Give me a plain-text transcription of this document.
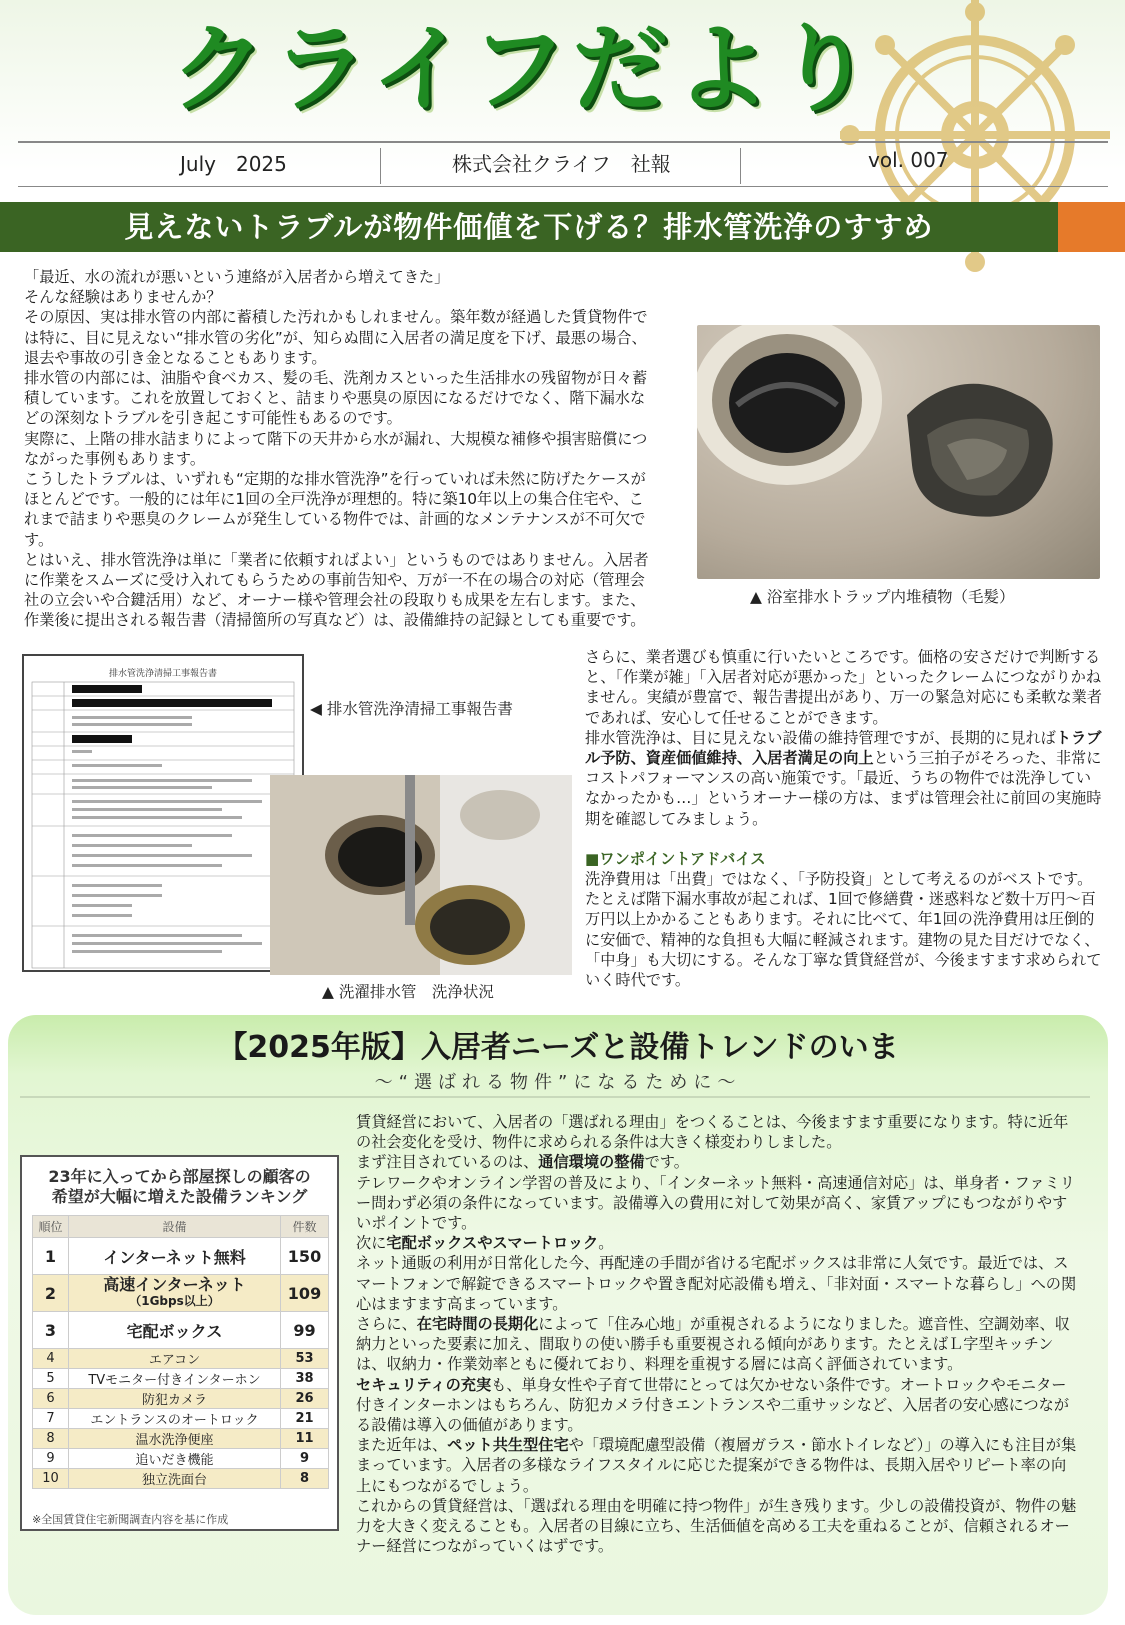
クライフだより
July　2025	株式会社クライフ　社報	vol. 007
見えないトラブルが物件価値を下げる？排水管洗浄のすすめ

「最近、水の流れが悪いという連絡が入居者から増えてきた」

そんな経験はありませんか？

その原因、実は排水管の内部に蓄積した汚れかもしれません。築年数が経過した賃貸物件では特に、目に見えない“排水管の劣化”が、知らぬ間に入居者の満足度を下げ、最悪の場合、退去や事故の引き金となることもあります。

排水管の内部には、油脂や食べカス、髪の毛、洗剤カスといった生活排水の残留物が日々蓄積しています。これを放置しておくと、詰まりや悪臭の原因になるだけでなく、階下漏水などの深刻なトラブルを引き起こす可能性もあるのです。

実際に、上階の排水詰まりによって階下の天井から水が漏れ、大規模な補修や損害賠償につながった事例もあります。

こうしたトラブルは、いずれも“定期的な排水管洗浄”を行っていれば未然に防げたケースがほとんどです。一般的には年に1回の全戸洗浄が理想的。特に築10年以上の集合住宅や、これまで詰まりや悪臭のクレームが発生している物件では、計画的なメンテナンスが不可欠です。

とはいえ、排水管洗浄は単に「業者に依頼すればよい」というものではありません。入居者に作業をスムーズに受け入れてもらうための事前告知や、万が一不在の場合の対応（管理会社の立会いや合鍵活用）など、オーナー様や管理会社の段取りも成果を左右します。また、作業後に提出される報告書（清掃箇所の写真など）は、設備維持の記録としても重要です。

▲ 浴室排水トラップ内堆積物（毛髪）
排水管洗浄清掃工事報告書
◀ 排水管洗浄清掃工事報告書
▲ 洗濯排水管　洗浄状況

さらに、業者選びも慎重に行いたいところです。価格の安さだけで判断すると、「作業が雑」「入居者対応が悪かった」といったクレームにつながりかねません。実績が豊富で、報告書提出があり、万一の緊急対応にも柔軟な業者であれば、安心して任せることができます。

排水管洗浄は、目に見えない設備の維持管理ですが、長期的に見ればトラブル予防、資産価値維持、入居者満足の向上という三拍子がそろった、非常にコストパフォーマンスの高い施策です。「最近、うちの物件では洗浄していなかったかも…」というオーナー様の方は、まずは管理会社に前回の実施時期を確認してみましょう。

■ワンポイントアドバイス

洗浄費用は「出費」ではなく、「予防投資」として考えるのがベストです。たとえば階下漏水事故が起これば、1回で修繕費・迷惑料など数十万円〜百万円以上かかることもあります。それに比べて、年1回の洗浄費用は圧倒的に安価で、精神的な負担も大幅に軽減されます。建物の見た目だけでなく、「中身」も大切にする。そんな丁寧な賃貸経営が、今後ますます求められていく時代です。

【2025年版】入居者ニーズと設備トレンドのいま
～“選ばれる物件”になるために～
23年に入ってから部屋探しの顧客の
希望が大幅に増えた設備ランキング
順位	設備	件数
1	インターネット無料	150
2	高速インターネット
（1Gbps以上）	109
3	宅配ボックス	99
4	エアコン	53
5	TVモニター付きインターホン	38
6	防犯カメラ	26
7	エントランスのオートロック	21
8	温水洗浄便座	11
9	追いだき機能	9
10	独立洗面台	8
※全国賃貸住宅新聞調査内容を基に作成

賃貸経営において、入居者の「選ばれる理由」をつくることは、今後ますます重要になります。特に近年の社会変化を受け、物件に求められる条件は大きく様変わりしました。

まず注目されているのは、通信環境の整備です。

テレワークやオンライン学習の普及により、「インターネット無料・高速通信対応」は、単身者・ファミリー問わず必須の条件になっています。設備導入の費用に対して効果が高く、家賃アップにもつながりやすいポイントです。

次に宅配ボックスやスマートロック。

ネット通販の利用が日常化した今、再配達の手間が省ける宅配ボックスは非常に人気です。最近では、スマートフォンで解錠できるスマートロックや置き配対応設備も増え、「非対面・スマートな暮らし」への関心はますます高まっています。

さらに、在宅時間の長期化によって「住み心地」が重視されるようになりました。遮音性、空調効率、収納力といった要素に加え、間取りの使い勝手も重要視される傾向があります。たとえばＬ字型キッチンは、収納力・作業効率ともに優れており、料理を重視する層には高く評価されています。

セキュリティの充実も、単身女性や子育て世帯にとっては欠かせない条件です。オートロックやモニター付きインターホンはもちろん、防犯カメラ付きエントランスや二重サッシなど、入居者の安心感につながる設備は導入の価値があります。

また近年は、ペット共生型住宅や「環境配慮型設備（複層ガラス・節水トイレなど）」の導入にも注目が集まっています。入居者の多様なライフスタイルに応じた提案ができる物件は、長期入居やリピート率の向上にもつながるでしょう。

これからの賃貸経営は、「選ばれる理由を明確に持つ物件」が生き残ります。少しの設備投資が、物件の魅力を大きく変えることも。入居者の目線に立ち、生活価値を高める工夫を重ねることが、信頼されるオーナー経営につながっていくはずです。
